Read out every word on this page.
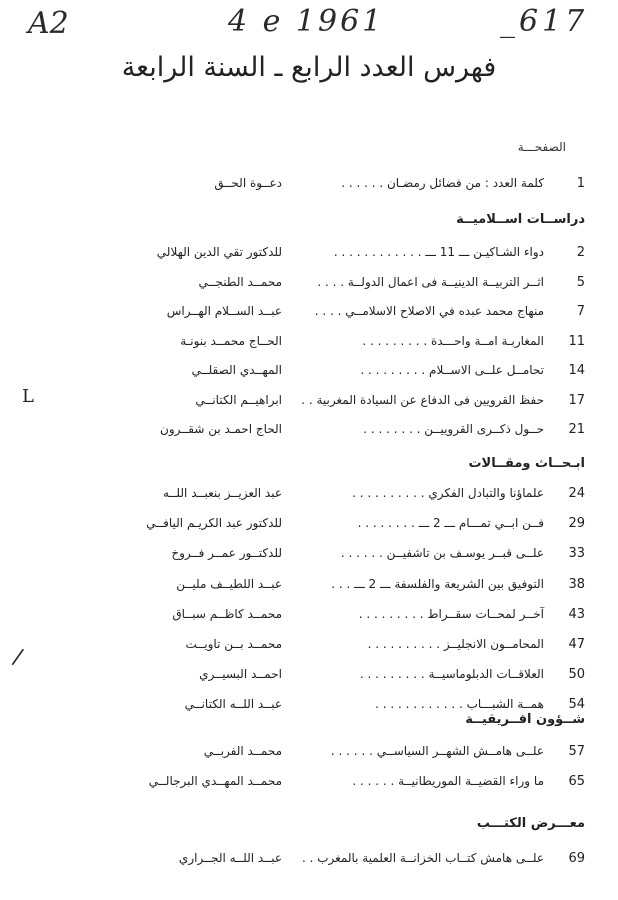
A2	4 e 1961	_617
فهرس العدد الرابع ـ السنة الرابعة
الصفحـــة
1
كلمة العدد : من فضائل رمضـان . . . . . .
دعــوة الحــق
دراســات اســلاميــة
2
دواء الشـاكيـن ـــ 11 ـــ . . . . . . . . . . . .
للدكتور تقي الدين الهلالي
5
اثــر التربيــة الدينيــة فى اعمال الدولــة . . . .
محمــد الطنجــي
7
منهاج محمد عبده في الاصلاح الاسلامــي . . . .
عبــد الســلام الهــراس
11
المغاربـة امــة واحـــدة . . . . . . . . .
الحــاج محمــد بنونـة
14
تحامــل علــى الاســلام . . . . . . . . .
المهــدي الصقلــي
17
حفظ القرويين فى الدفاع عن السيادة المغربية . .
ابراهيــم الكتانــي
21
حــول ذكــرى القروييــن . . . . . . . .
الحاج احمـد بن شقــرون
ابـحــاث ومقــالات
24
علماؤنا والتبادل الفكري . . . . . . . . . .
عبد العزيــز بنعبــد اللــه
29
فــن ابــي تمـــام ـــ 2 ـــ . . . . . . . .
للدكتور عبد الكريـم اليافــي
33
علــى قبــر يوسـف بن تاشفيــن . . . . . .
للدكتــور عمــر فــروخ
38
التوفيق بين الشريعة والفلسفة ـــ 2 ـــ . . .
عبــد اللطيــف مليــن
43
آخــر لمحــات سقــراط . . . . . . . . .
محمــد كاظــم سبــاق
47
المحامــون الانجليــز . . . . . . . . . .
محمــد بــن تاويــت
50
العلاقــات الدبلوماسيــة . . . . . . . . .
احمــد البسيــري
54
همــة الشبـــاب . . . . . . . . . . . .
عبــد اللــه الكتانــي
شــؤون افــريقيــة
57
علــى هامــش الشهــر السياســي . . . . . .
محمــد الفربــي
65
ما وراء القضيــة الموريطانيــة . . . . . .
محمــد المهــدي البرجالــي
معـــرض الكتـــب
69
علــى هامش كتــاب الخزانــة العلمية بالمغرب . .
عبــد اللــه الجــراري
L
/
